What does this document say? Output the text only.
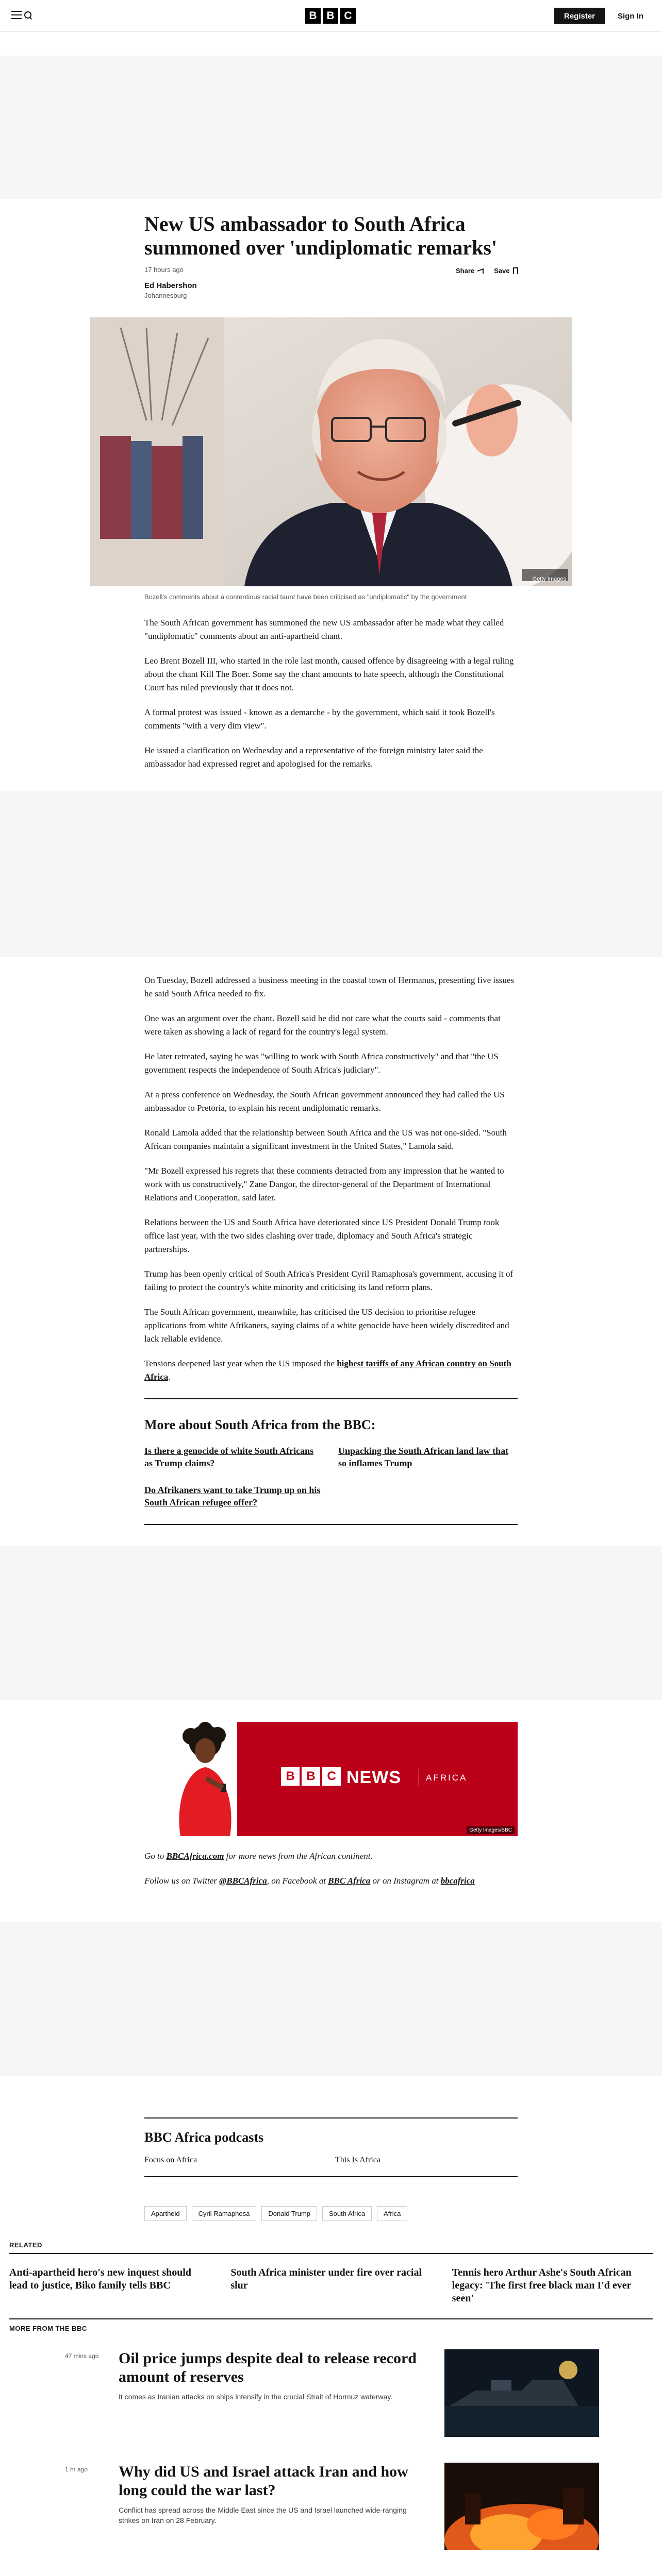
B B C	Register	Sign In
New US ambassador to South Africa summoned over 'undiplomatic remarks'
17 hours ago	Share	Save
Ed Habershon
Johannesburg
Getty Images
Bozell's comments about a contentious racial taunt have been criticised as "undiplomatic" by the government

The South African government has summoned the new US ambassador after he made what they called "undiplomatic" comments about an anti-apartheid chant.

Leo Brent Bozell III, who started in the role last month, caused offence by disagreeing with a legal ruling about the chant Kill The Boer. Some say the chant amounts to hate speech, although the Constitutional Court has ruled previously that it does not.

A formal protest was issued - known as a demarche - by the government, which said it took Bozell's comments "with a very dim view".

He issued a clarification on Wednesday and a representative of the foreign ministry later said the ambassador had expressed regret and apologised for the remarks.

On Tuesday, Bozell addressed a business meeting in the coastal town of Hermanus, presenting five issues he said South Africa needed to fix.

One was an argument over the chant. Bozell said he did not care what the courts said - comments that were taken as showing a lack of regard for the country's legal system.

He later retreated, saying he was "willing to work with South Africa constructively" and that "the US government respects the independence of South Africa's judiciary".

At a press conference on Wednesday, the South African government announced they had called the US ambassador to Pretoria, to explain his recent undiplomatic remarks.

Ronald Lamola added that the relationship between South Africa and the US was not one-sided. "South African companies maintain a significant investment in the United States," Lamola said.

"Mr Bozell expressed his regrets that these comments detracted from any impression that he wanted to work with us constructively," Zane Dangor, the director-general of the Department of International Relations and Cooperation, said later.

Relations between the US and South Africa have deteriorated since US President Donald Trump took office last year, with the two sides clashing over trade, diplomacy and South Africa's strategic partnerships.

Trump has been openly critical of South Africa's President Cyril Ramaphosa's government, accusing it of failing to protect the country's white minority and criticising its land reform plans.

The South African government, meanwhile, has criticised the US decision to prioritise refugee applications from white Afrikaners, saying claims of a white genocide have been widely discredited and lack reliable evidence.

Tensions deepened last year when the US imposed the highest tariffs of any African country on South Africa.

More about South Africa from the BBC:
Is there a genocide of white South Africans as Trump claims?
Unpacking the South African land law that so inflames Trump
Do Afrikaners want to take Trump up on his South African refugee offer?
B B C NEWS	AFRICA
Getty Images/BBC

Go to BBCAfrica.com for more news from the African continent.

Follow us on Twitter @BBCAfrica, on Facebook at BBC Africa or on Instagram at bbcafrica

BBC Africa podcasts
Focus on Africa	This Is Africa
Apartheid	Cyril Ramaphosa	Donald Trump	South Africa	Africa
RELATED
Anti-apartheid hero's new inquest should lead to justice, Biko family tells BBC
South Africa minister under fire over racial slur
Tennis hero Arthur Ashe's South African legacy: 'The first free black man I'd ever seen'
MORE FROM THE BBC
47 mins ago Oil price jumps despite deal to release record amount of reserves
It comes as Iranian attacks on ships intensify in the crucial Strait of Hormuz waterway.
1 hr ago Why did US and Israel attack Iran and how long could the war last?
Conflict has spread across the Middle East since the US and Israel launched wide-ranging strikes on Iran on 28 February.
